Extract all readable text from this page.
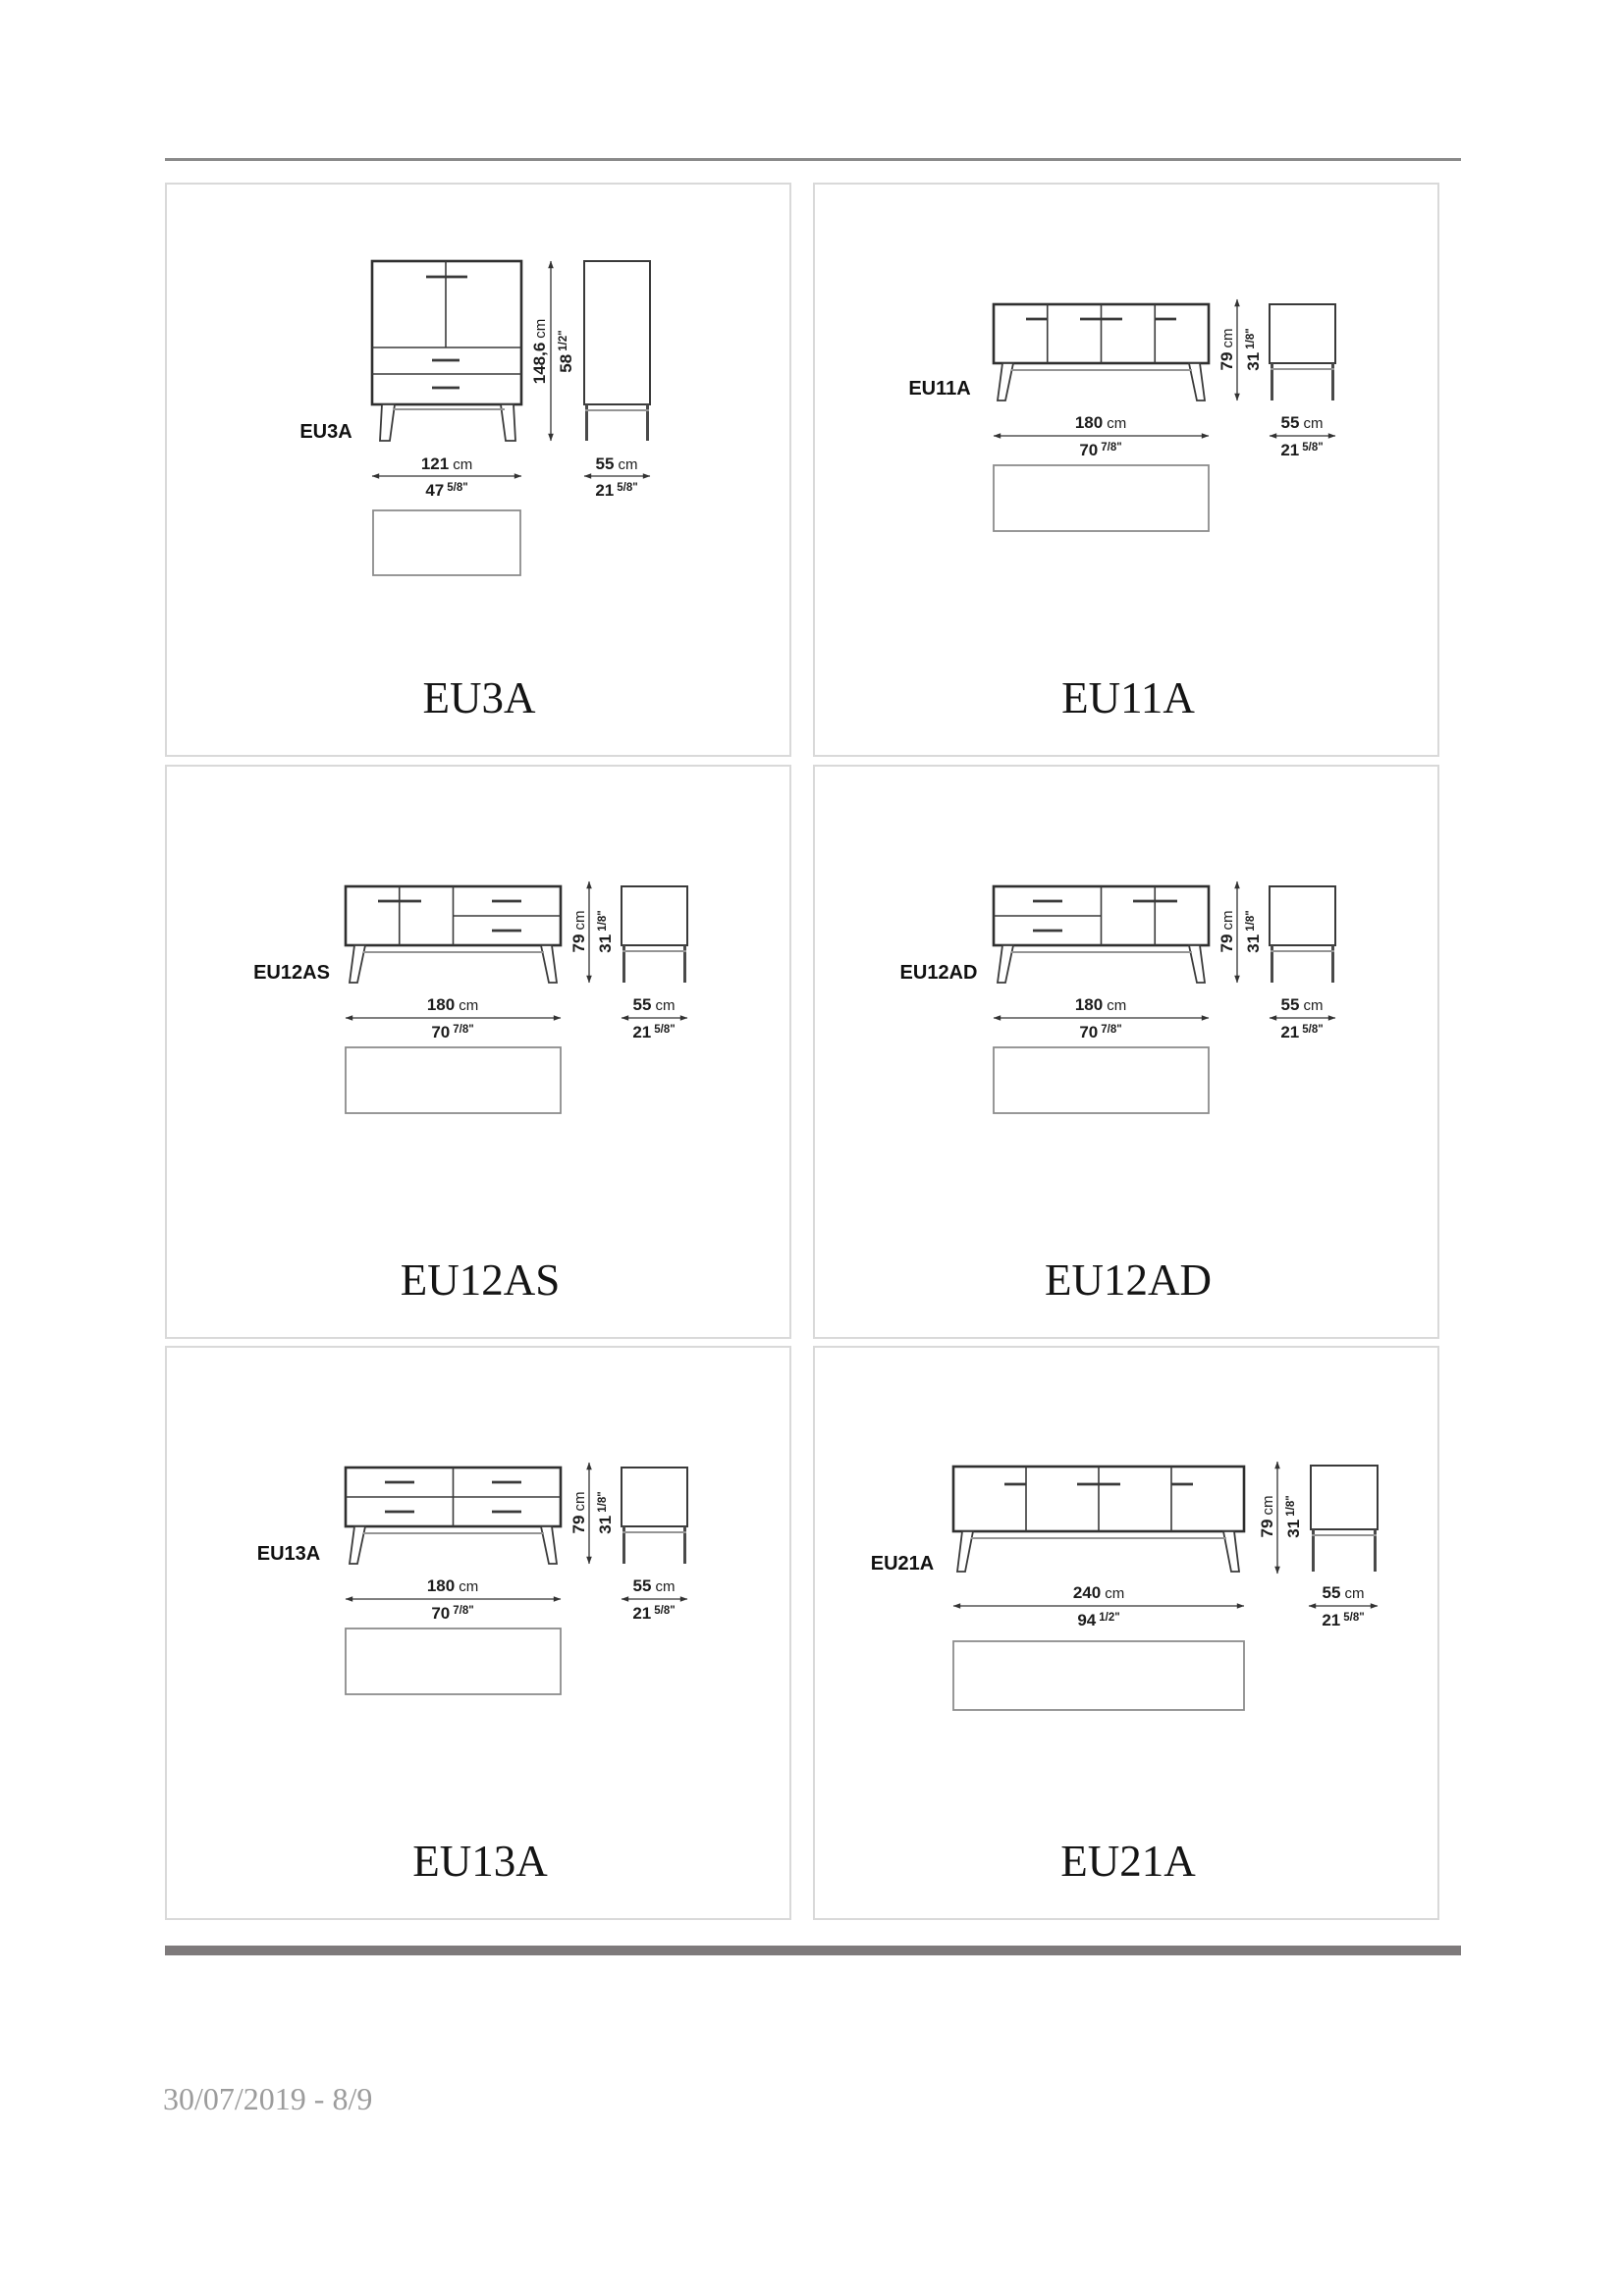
148,6cm
$58^{1/2"}$
121 cm
47 $^{5/8"}$
55 cm
21 $^{5/8"}$
EU3A
EU3A
79cm
$31^{1/8"}$
180 cm
70 $^{7/8"}$
55 cm
21 $^{5/8"}$
EU11A
EU11A
79cm
$31^{1/8"}$
180 cm
70 $^{7/8"}$
55 cm
21 $^{5/8"}$
EU12AS
EU12AS
79cm
$31^{1/8"}$
180 cm
70 $^{7/8"}$
55 cm
21 $^{5/8"}$
EU12AD
EU12AD
79cm
$31^{1/8"}$
180 cm
70 $^{7/8"}$
55 cm
21 $^{5/8"}$
EU13A
EU13A
79cm
$31^{1/8"}$
240 cm
94 $^{1/2"}$
55 cm
21 $^{5/8"}$
EU21A
EU21A
30/07/2019 - 8/9
